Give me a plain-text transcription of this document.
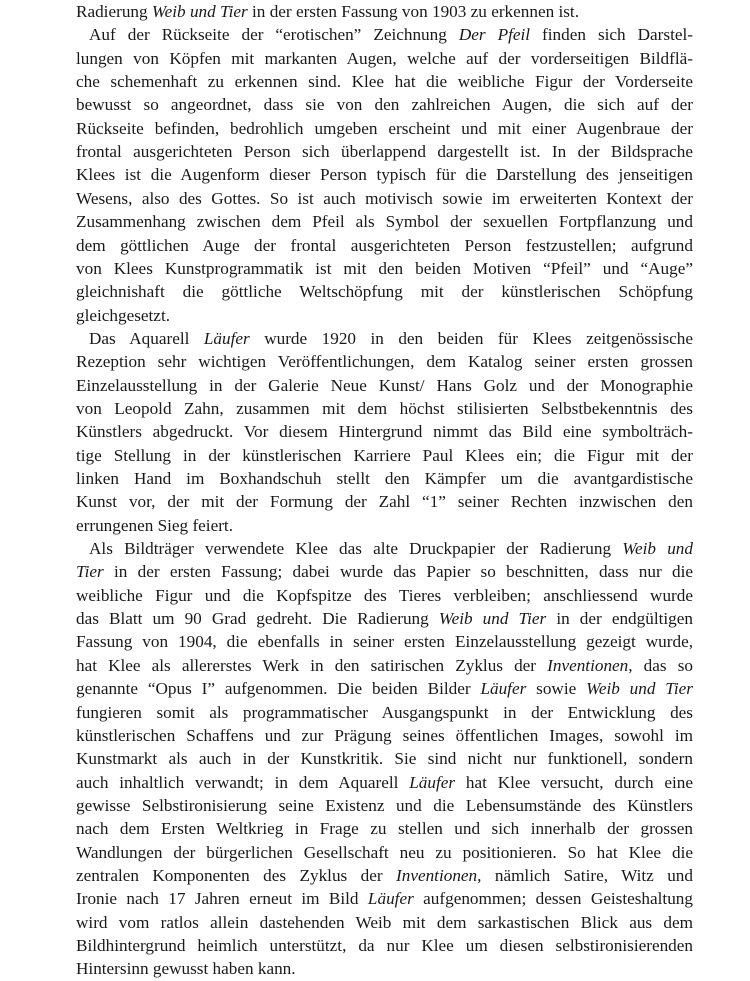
Radierung Weib und Tier in der ersten Fassung von 1903 zu erkennen ist.
Auf der Rückseite der “erotischen” Zeichnung Der Pfeil finden sich Darstel-
lungen von Köpfen mit markanten Augen, welche auf der vorderseitigen Bildflä-
che schemenhaft zu erkennen sind. Klee hat die weibliche Figur der Vorderseite
bewusst so angeordnet, dass sie von den zahlreichen Augen, die sich auf der
Rückseite befinden, bedrohlich umgeben erscheint und mit einer Augenbraue der
frontal ausgerichteten Person sich überlappend dargestellt ist. In der Bildsprache
Klees ist die Augenform dieser Person typisch für die Darstellung des jenseitigen
Wesens, also des Gottes. So ist auch motivisch sowie im erweiterten Kontext der
Zusammenhang zwischen dem Pfeil als Symbol der sexuellen Fortpflanzung und
dem göttlichen Auge der frontal ausgerichteten Person festzustellen; aufgrund
von Klees Kunstprogrammatik ist mit den beiden Motiven “Pfeil” und “Auge”
gleichnishaft die göttliche Weltschöpfung mit der künstlerischen Schöpfung
gleichgesetzt.
Das Aquarell Läufer wurde 1920 in den beiden für Klees zeitgenössische
Rezeption sehr wichtigen Veröffentlichungen, dem Katalog seiner ersten grossen
Einzelausstellung in der Galerie Neue Kunst/ Hans Golz und der Monographie
von Leopold Zahn, zusammen mit dem höchst stilisierten Selbstbekenntnis des
Künstlers abgedruckt. Vor diesem Hintergrund nimmt das Bild eine symbolträch-
tige Stellung in der künstlerischen Karriere Paul Klees ein; die Figur mit der
linken Hand im Boxhandschuh stellt den Kämpfer um die avantgardistische
Kunst vor, der mit der Formung der Zahl “1” seiner Rechten inzwischen den
errungenen Sieg feiert.
Als Bildträger verwendete Klee das alte Druckpapier der Radierung Weib und
Tier in der ersten Fassung; dabei wurde das Papier so beschnitten, dass nur die
weibliche Figur und die Kopfspitze des Tieres verbleiben; anschliessend wurde
das Blatt um 90 Grad gedreht. Die Radierung Weib und Tier in der endgültigen
Fassung von 1904, die ebenfalls in seiner ersten Einzelausstellung gezeigt wurde,
hat Klee als allererstes Werk in den satirischen Zyklus der Inventionen, das so
genannte “Opus I” aufgenommen. Die beiden Bilder Läufer sowie Weib und Tier
fungieren somit als programmatischer Ausgangspunkt in der Entwicklung des
künstlerischen Schaffens und zur Prägung seines öffentlichen Images, sowohl im
Kunstmarkt als auch in der Kunstkritik. Sie sind nicht nur funktionell, sondern
auch inhaltlich verwandt; in dem Aquarell Läufer hat Klee versucht, durch eine
gewisse Selbstironisierung seine Existenz und die Lebensumstände des Künstlers
nach dem Ersten Weltkrieg in Frage zu stellen und sich innerhalb der grossen
Wandlungen der bürgerlichen Gesellschaft neu zu positionieren. So hat Klee die
zentralen Komponenten des Zyklus der Inventionen, nämlich Satire, Witz und
Ironie nach 17 Jahren erneut im Bild Läufer aufgenommen; dessen Geisteshaltung
wird vom ratlos allein dastehenden Weib mit dem sarkastischen Blick aus dem
Bildhintergrund heimlich unterstützt, da nur Klee um diesen selbstironisierenden
Hintersinn gewusst haben kann.
